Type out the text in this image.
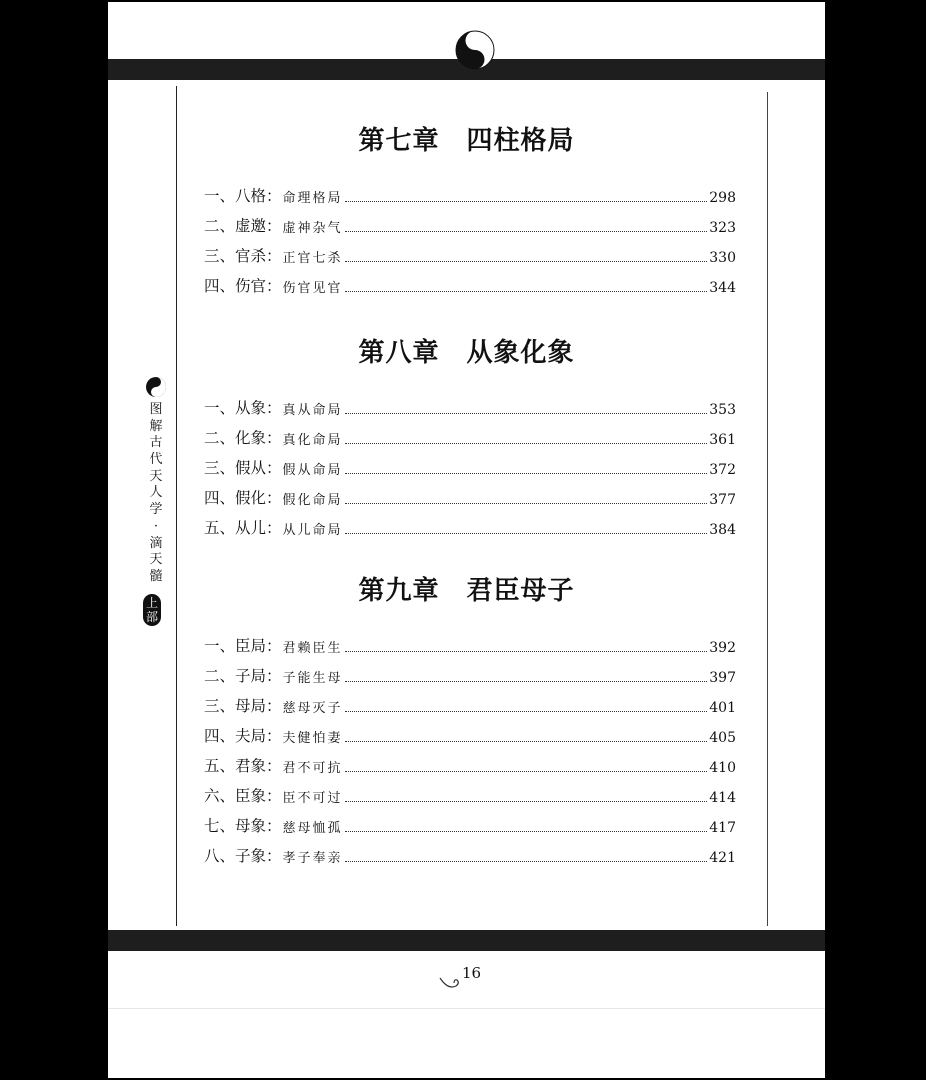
图
解
古
代
天
人
学
·
滴
天
髓
上部
第七章　四柱格局
一、八格： 命理格局	298
二、虚邀： 虚神杂气	323
三、官杀： 正官七杀	330
四、伤官： 伤官见官	344
第八章　从象化象
一、从象： 真从命局	353
二、化象： 真化命局	361
三、假从： 假从命局	372
四、假化： 假化命局	377
五、从儿： 从儿命局	384
第九章　君臣母子
一、臣局： 君赖臣生	392
二、子局： 子能生母	397
三、母局： 慈母灭子	401
四、夫局： 夫健怕妻	405
五、君象： 君不可抗	410
六、臣象： 臣不可过	414
七、母象： 慈母恤孤	417
八、子象： 孝子奉亲	421
16
